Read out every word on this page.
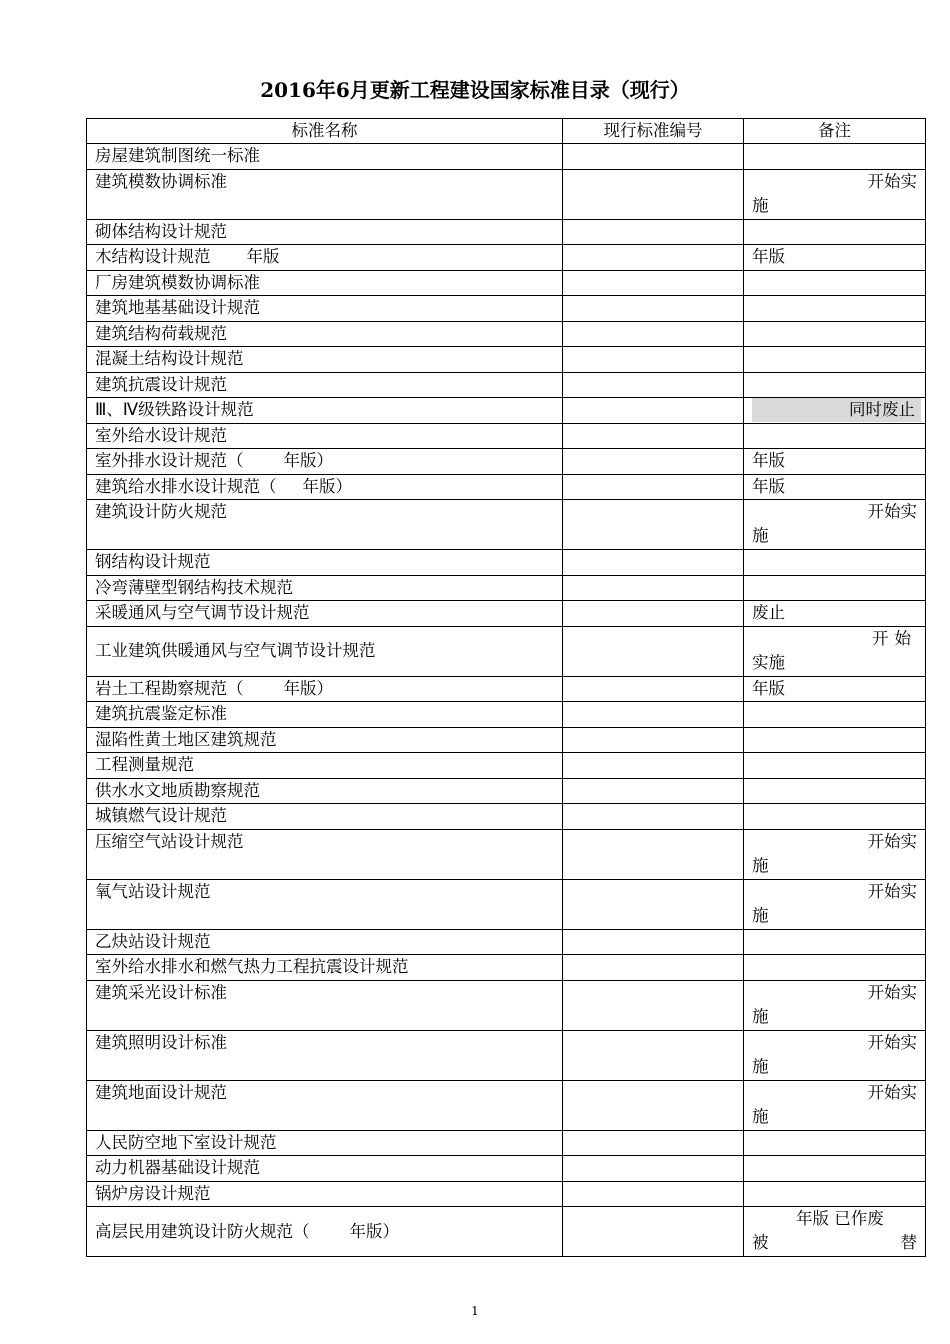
2016年6月更新工程建设国家标准目录（现行）
标准名称	现行标准编号	备注
房屋建筑制图统一标准		
建筑模数协调标准		开始实
施

砌体结构设计规范		
木结构设计规范 年版		年版
厂房建筑模数协调标准		
建筑地基基础设计规范		
建筑结构荷载规范		
混凝土结构设计规范		
建筑抗震设计规范		
Ⅲ、Ⅳ级铁路设计规范		同时废止

室外给水设计规范		
室外排水设计规范（ 年版）		年版
建筑给水排水设计规范（ 年版）		年版
建筑设计防火规范		开始实
施

钢结构设计规范		
冷弯薄壁型钢结构技术规范		
采暖通风与空气调节设计规范		废止
工业建筑供暖通风与空气调节设计规范		开始
实施

岩土工程勘察规范（ 年版）		年版
建筑抗震鉴定标准		
湿陷性黄土地区建筑规范		
工程测量规范		
供水水文地质勘察规范		
城镇燃气设计规范		
压缩空气站设计规范		开始实
施

氧气站设计规范		开始实
施

乙炔站设计规范		
室外给水排水和燃气热力工程抗震设计规范		
建筑采光设计标准		开始实
施

建筑照明设计标准		开始实
施

建筑地面设计规范		开始实
施

人民防空地下室设计规范		
动力机器基础设计规范		
锅炉房设计规范		
高层民用建筑设计防火规范（ 年版）		年版 已作废
被 替
1
